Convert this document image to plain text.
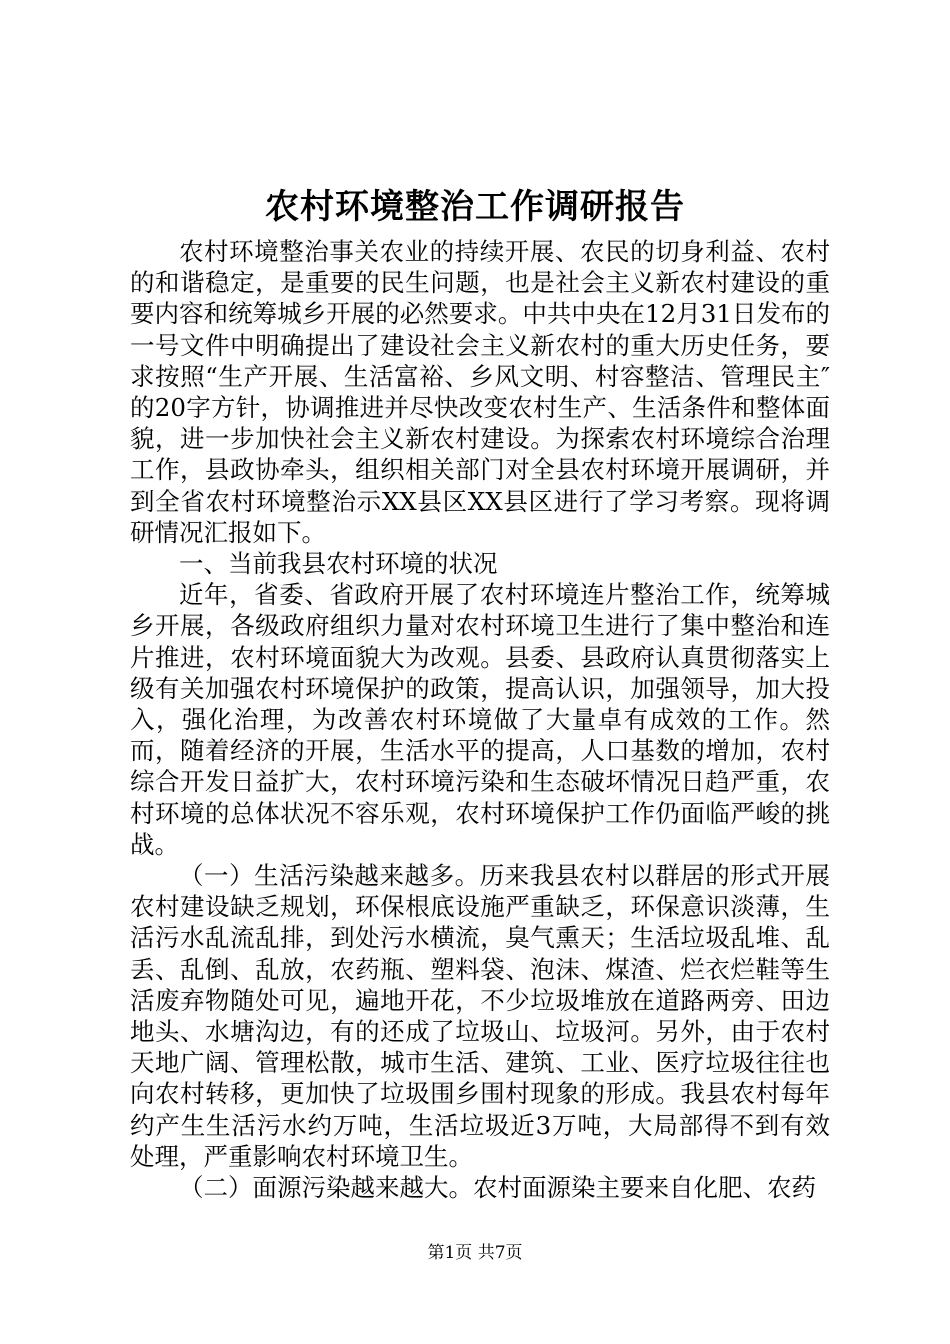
农村环境整治工作调研报告

农村环境整治事关农业的持续开展、农民的切身利益、农村的和谐稳定，是重要的民生问题，也是社会主义新农村建设的重要内容和统筹城乡开展的必然要求。中共中央在12月31日发布的一号文件中明确提出了建设社会主义新农村的重大历史任务，要求按照“生产开展、生活富裕、乡风文明、村容整洁、管理民主″的20字方针，协调推进并尽快改变农村生产、生活条件和整体面貌，进一步加快社会主义新农村建设。为探索农村环境综合治理工作，县政协牵头，组织相关部门对全县农村环境开展调研，并到全省农村环境整治示XX县区XX县区进行了学习考察。现将调研情况汇报如下。

一、当前我县农村环境的状况

近年，省委、省政府开展了农村环境连片整治工作，统筹城乡开展，各级政府组织力量对农村环境卫生进行了集中整治和连片推进，农村环境面貌大为改观。县委、县政府认真贯彻落实上级有关加强农村环境保护的政策，提高认识，加强领导，加大投入，强化治理，为改善农村环境做了大量卓有成效的工作。然而，随着经济的开展，生活水平的提高，人口基数的增加，农村综合开发日益扩大，农村环境污染和生态破坏情况日趋严重，农村环境的总体状况不容乐观，农村环境保护工作仍面临严峻的挑战。

（一）生活污染越来越多。历来我县农村以群居的形式开展农村建设缺乏规划，环保根底设施严重缺乏，环保意识淡薄，生活污水乱流乱排，到处污水横流，臭气熏天；生活垃圾乱堆、乱丢、乱倒、乱放，农药瓶、塑料袋、泡沫、煤渣、烂衣烂鞋等生活废弃物随处可见，遍地开花，不少垃圾堆放在道路两旁、田边地头、水塘沟边，有的还成了垃圾山、垃圾河。另外，由于农村天地广阔、管理松散，城市生活、建筑、工业、医疗垃圾往往也向农村转移，更加快了垃圾围乡围村现象的形成。我县农村每年约产生生活污水约万吨，生活垃圾近3万吨，大局部得不到有效处理，严重影响农村环境卫生。

（二）面源污染越来越大。农村面源染主要来自化肥、农药

第1页 共7页
